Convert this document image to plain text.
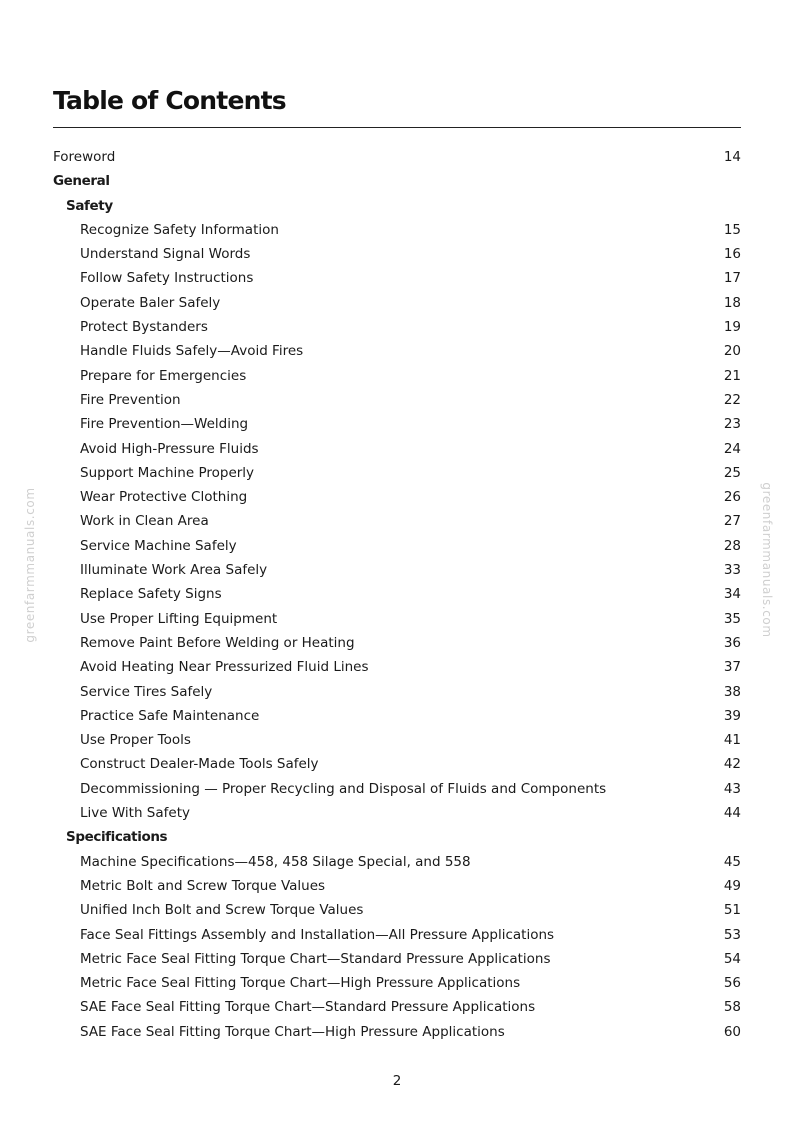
Table of Contents
Foreword	14
General
Safety
Recognize Safety Information	15
Understand Signal Words	16
Follow Safety Instructions	17
Operate Baler Safely	18
Protect Bystanders	19
Handle Fluids Safely—Avoid Fires	20
Prepare for Emergencies	21
Fire Prevention	22
Fire Prevention—Welding	23
Avoid High-Pressure Fluids	24
Support Machine Properly	25
Wear Protective Clothing	26
Work in Clean Area	27
Service Machine Safely	28
Illuminate Work Area Safely	33
Replace Safety Signs	34
Use Proper Lifting Equipment	35
Remove Paint Before Welding or Heating	36
Avoid Heating Near Pressurized Fluid Lines	37
Service Tires Safely	38
Practice Safe Maintenance	39
Use Proper Tools	41
Construct Dealer-Made Tools Safely	42
Decommissioning — Proper Recycling and Disposal of Fluids and Components	43
Live With Safety	44
Specifications
Machine Specifications—458, 458 Silage Special, and 558	45
Metric Bolt and Screw Torque Values	49
Unified Inch Bolt and Screw Torque Values	51
Face Seal Fittings Assembly and Installation—All Pressure Applications	53
Metric Face Seal Fitting Torque Chart—Standard Pressure Applications	54
Metric Face Seal Fitting Torque Chart—High Pressure Applications	56
SAE Face Seal Fitting Torque Chart—Standard Pressure Applications	58
SAE Face Seal Fitting Torque Chart—High Pressure Applications	60
2
greenfarmmanuals.com	greenfarmmanuals.com
